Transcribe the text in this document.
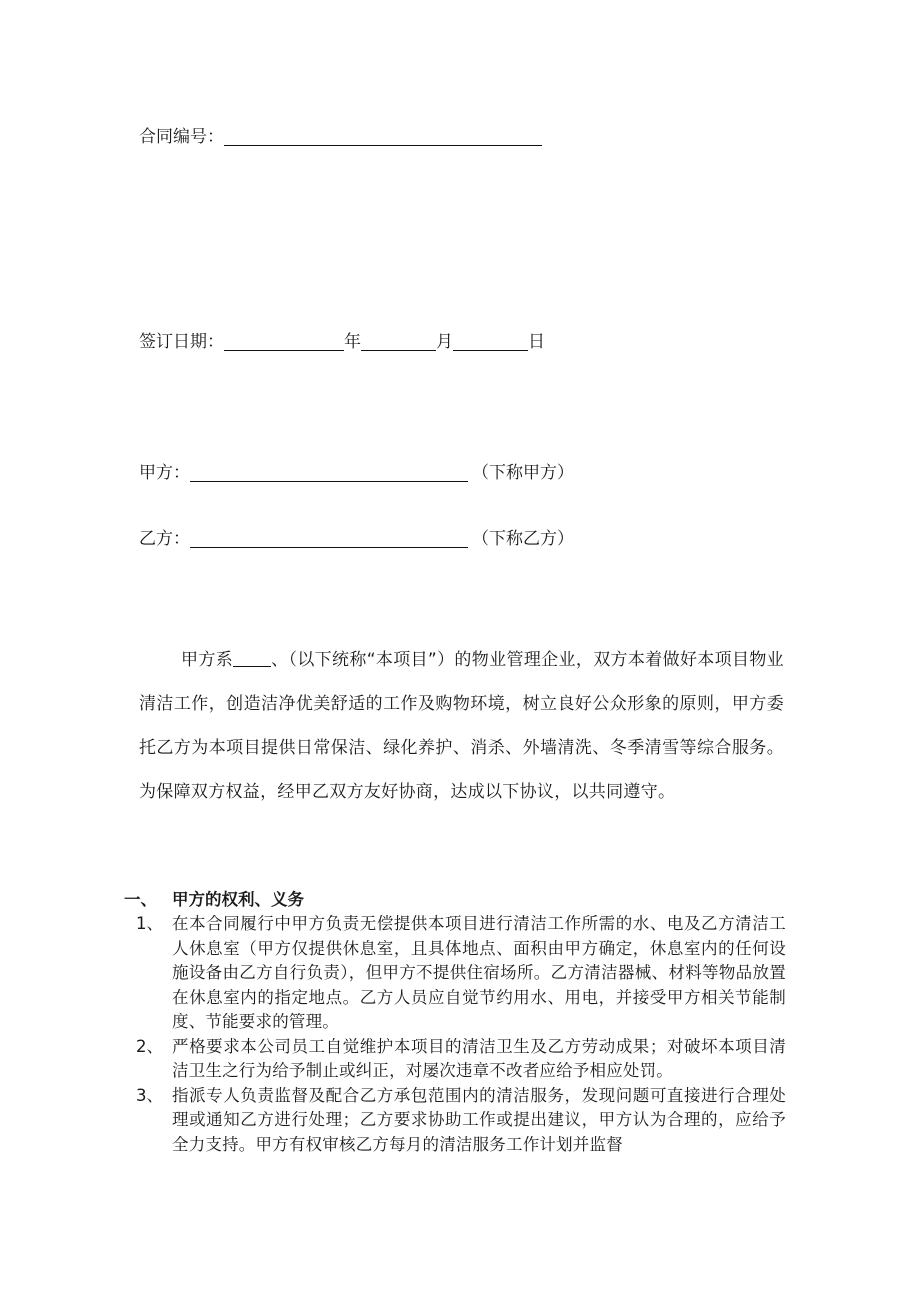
合同编号：
签订日期：	年	月	日
甲方：	（下称甲方）
乙方：	（下称乙方）
甲方系 、（以下统称“本项目”）的物业管理企业，双方本着做好本项目物业清洁工作，创造洁净优美舒适的工作及购物环境，树立良好公众形象的原则，甲方委托乙方为本项目提供日常保洁、绿化养护、消杀、外墙清洗、冬季清雪等综合服务。为保障双方权益，经甲乙双方友好协商，达成以下协议，以共同遵守。
一、 甲方的权利、义务
1、 在本合同履行中甲方负责无偿提供本项目进行清洁工作所需的水、电及乙方清洁工人休息室（甲方仅提供休息室，且具体地点、面积由甲方确定，休息室内的任何设施设备由乙方自行负责），但甲方不提供住宿场所。乙方清洁器械、材料等物品放置在休息室内的指定地点。乙方人员应自觉节约用水、用电，并接受甲方相关节能制度、节能要求的管理。
2、 严格要求本公司员工自觉维护本项目的清洁卫生及乙方劳动成果；对破坏本项目清洁卫生之行为给予制止或纠正，对屡次违章不改者应给予相应处罚。
3、 指派专人负责监督及配合乙方承包范围内的清洁服务，发现问题可直接进行合理处理或通知乙方进行处理；乙方要求协助工作或提出建议，甲方认为合理的，应给予全力支持。甲方有权审核乙方每月的清洁服务工作计划并监督
